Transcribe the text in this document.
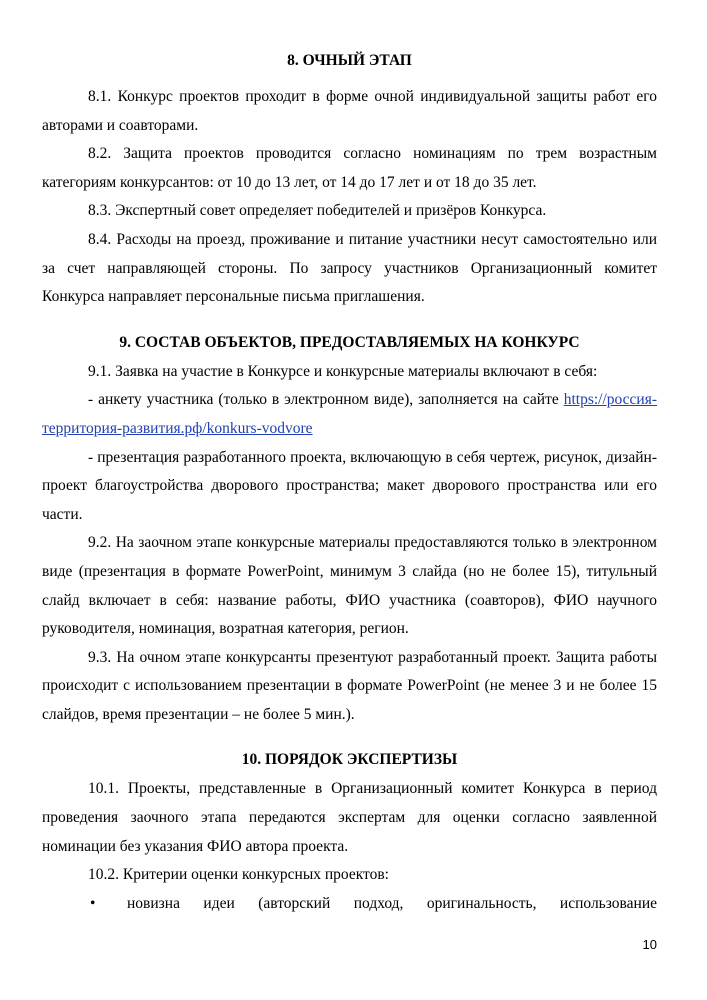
8. ОЧНЫЙ ЭТАП

8.1. Конкурс проектов проходит в форме очной индивидуальной защиты работ его авторами и соавторами.

8.2. Защита проектов проводится согласно номинациям по трем возрастным категориям конкурсантов: от 10 до 13 лет, от 14 до 17 лет и от 18 до 35 лет.

8.3. Экспертный совет определяет победителей и призёров Конкурса.

8.4. Расходы на проезд, проживание и питание участники несут самостоятельно или за счет направляющей стороны. По запросу участников Организационный комитет Конкурса направляет персональные письма приглашения.

9. СОСТАВ ОБЪЕКТОВ, ПРЕДОСТАВЛЯЕМЫХ НА КОНКУРС

9.1. Заявка на участие в Конкурсе и конкурсные материалы включают в себя:

- анкету участника (только в электронном виде), заполняется на сайте https://россия-территория-развития.рф/konkurs-vodvore

- презентация разработанного проекта, включающую в себя чертеж, рисунок, дизайн-проект благоустройства дворового пространства; макет дворового пространства или его части.

9.2. На заочном этапе конкурсные материалы предоставляются только в электронном виде (презентация в формате PowerPoint, минимум 3 слайда (но не более 15), титульный слайд включает в себя: название работы, ФИО участника (соавторов), ФИО научного руководителя, номинация, возратная категория, регион.

9.3. На очном этапе конкурсанты презентуют разработанный проект. Защита работы происходит с использованием презентации в формате PowerPoint (не менее 3 и не более 15 слайдов, время презентации – не более 5 мин.).

10. ПОРЯДОК ЭКСПЕРТИЗЫ

10.1. Проекты, представленные в Организационный комитет Конкурса в период проведения заочного этапа передаются экспертам для оценки согласно заявленной номинации без указания ФИО автора проекта.

10.2. Критерии оценки конкурсных проектов:

• новизна идеи (авторский подход, оригинальность, использование
10
